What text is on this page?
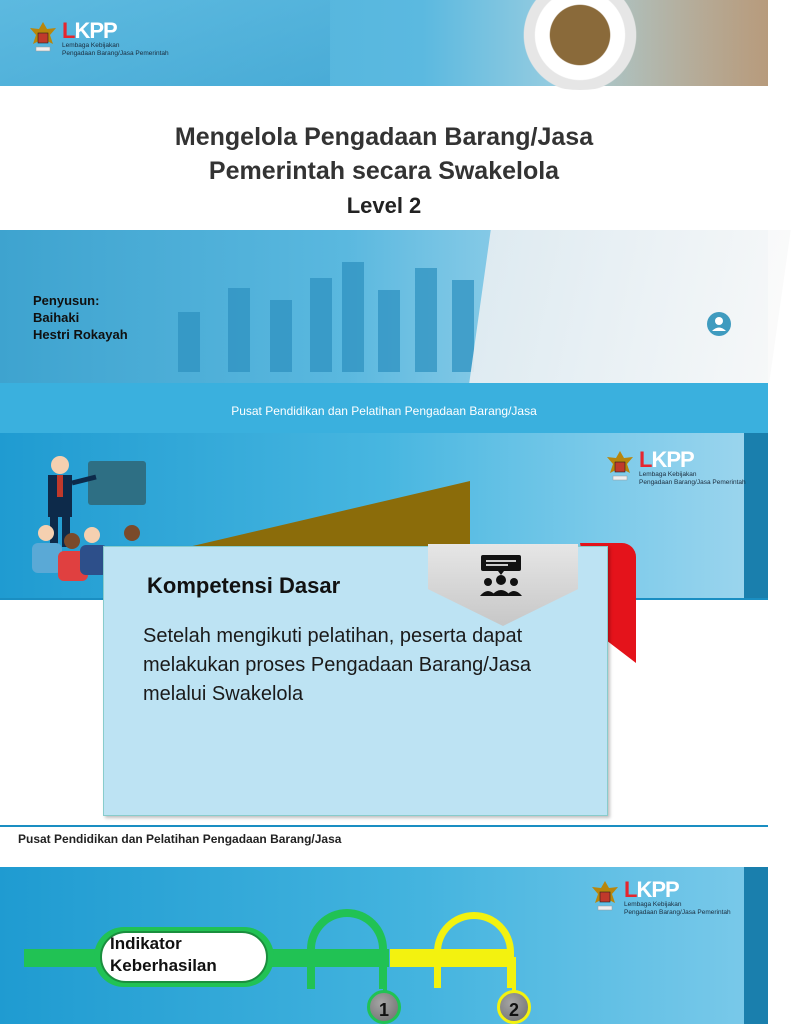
LKPP
Lembaga Kebijakan
Pengadaan Barang/Jasa Pemerintah
Mengelola Pengadaan Barang/Jasa
Pemerintah secara Swakelola
Level 2
Penyusun:
Baihaki
Hestri Rokayah
Pusat Pendidikan dan Pelatihan Pengadaan Barang/Jasa
LKPP
Lembaga Kebijakan
Pengadaan Barang/Jasa Pemerintah
Kompetensi Dasar
Setelah mengikuti pelatihan, peserta dapat melakukan proses Pengadaan Barang/Jasa melalui Swakelola
Pusat Pendidikan dan Pelatihan Pengadaan Barang/Jasa
LKPP
Lembaga Kebijakan
Pengadaan Barang/Jasa Pemerintah
Indikator
Keberhasilan
1	2
